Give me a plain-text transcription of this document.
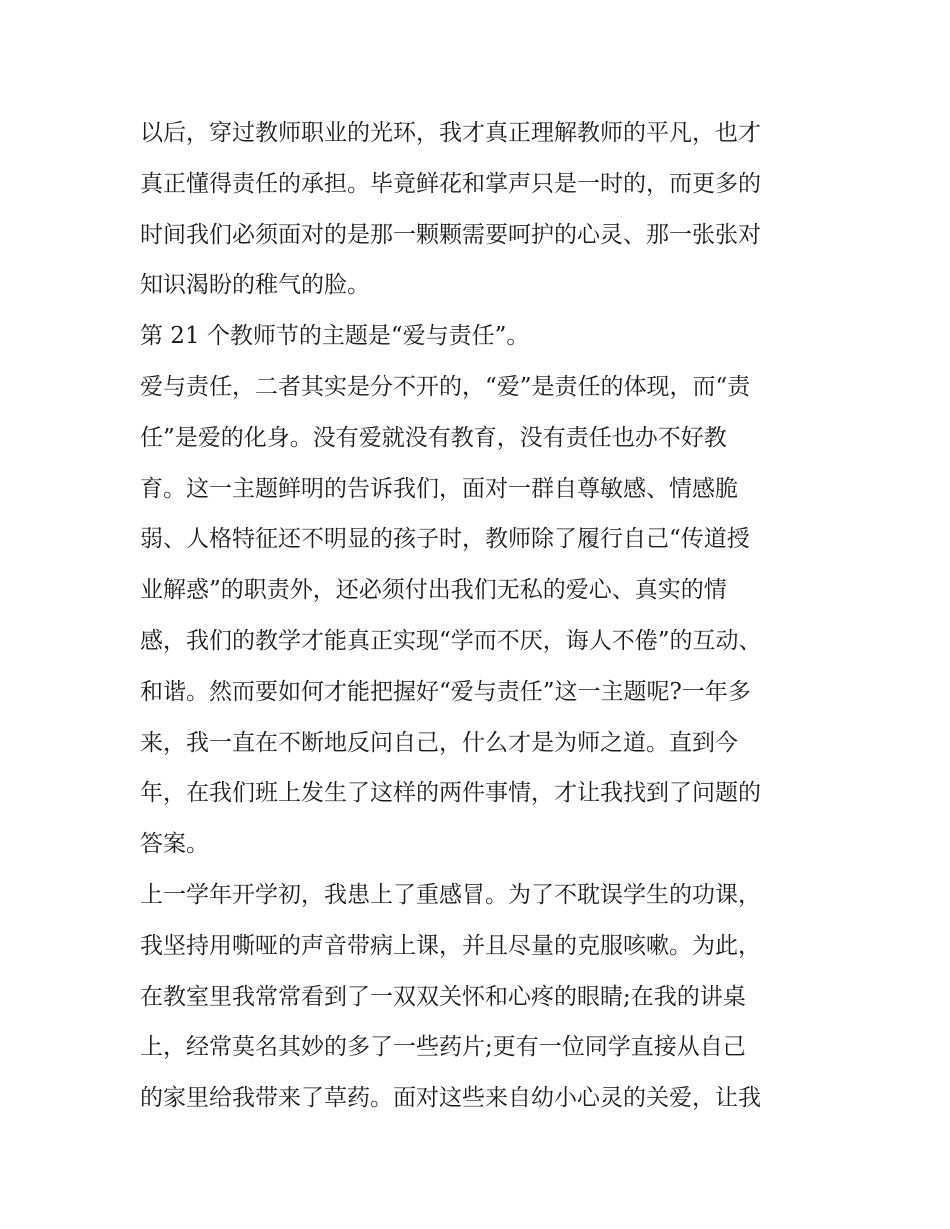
以后，穿过教师职业的光环，我才真正理解教师的平凡，也才
真正懂得责任的承担。毕竟鲜花和掌声只是一时的，而更多的
时间我们必须面对的是那一颗颗需要呵护的心灵、那一张张对
知识渴盼的稚气的脸。
第 21 个教师节的主题是“爱与责任”。
爱与责任，二者其实是分不开的，“爱”是责任的体现，而“责
任”是爱的化身。没有爱就没有教育，没有责任也办不好教
育。这一主题鲜明的告诉我们，面对一群自尊敏感、情感脆
弱、人格特征还不明显的孩子时，教师除了履行自己“传道授
业解惑”的职责外，还必须付出我们无私的爱心、真实的情
感，我们的教学才能真正实现“学而不厌，诲人不倦”的互动、
和谐。然而要如何才能把握好“爱与责任”这一主题呢?一年多
来，我一直在不断地反问自己，什么才是为师之道。直到今
年，在我们班上发生了这样的两件事情，才让我找到了问题的
答案。
上一学年开学初，我患上了重感冒。为了不耽误学生的功课，
我坚持用嘶哑的声音带病上课，并且尽量的克服咳嗽。为此，
在教室里我常常看到了一双双关怀和心疼的眼睛;在我的讲桌
上，经常莫名其妙的多了一些药片;更有一位同学直接从自己
的家里给我带来了草药。面对这些来自幼小心灵的关爱，让我
